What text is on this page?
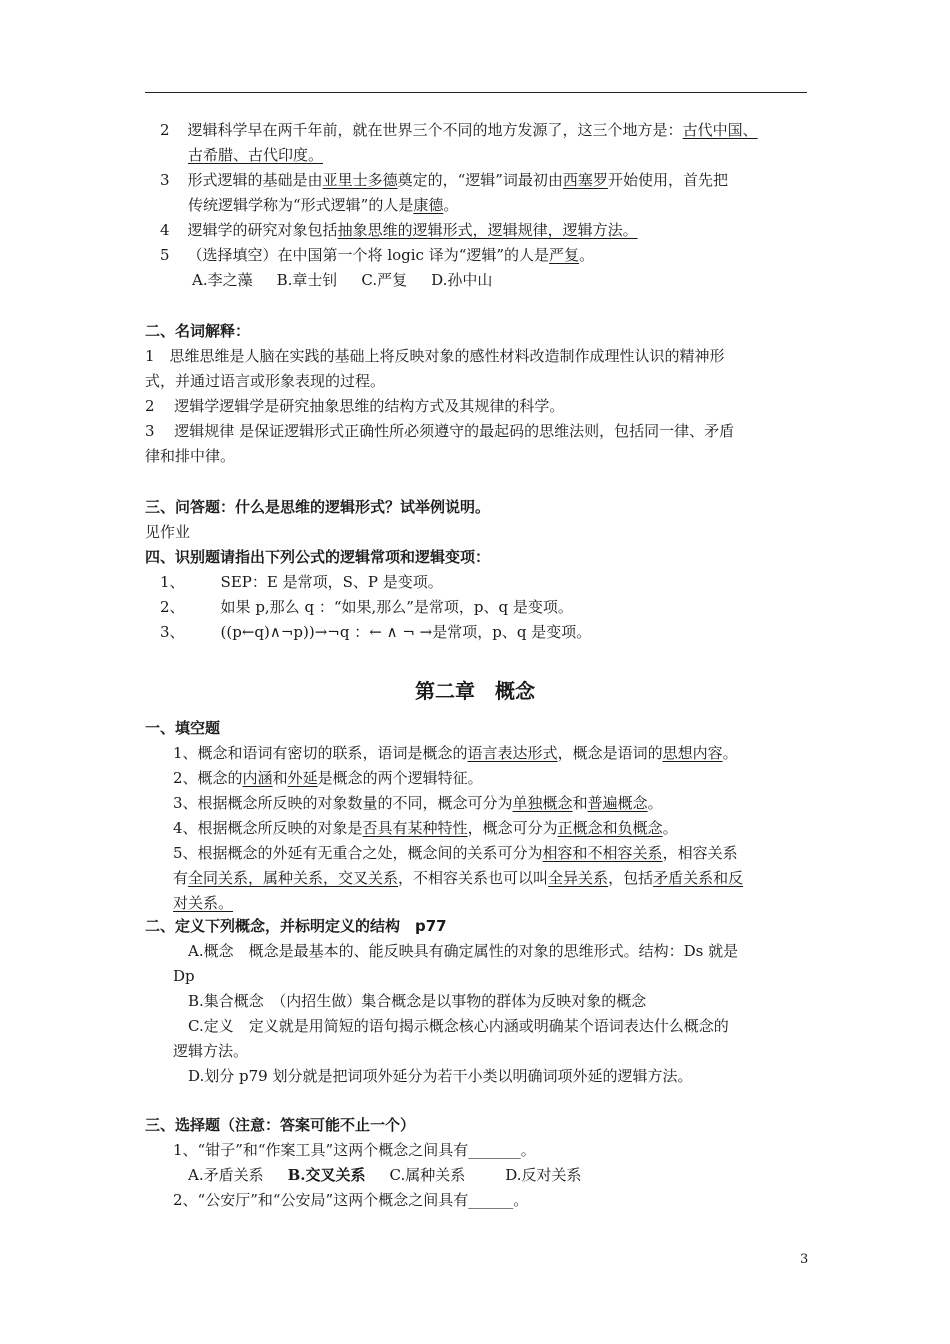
2 逻辑科学早在两千年前，就在世界三个不同的地方发源了，这三个地方是：古代中国、
古希腊、古代印度。
3 形式逻辑的基础是由亚里士多德奠定的，“逻辑”词最初由西塞罗开始使用，首先把
传统逻辑学称为“形式逻辑”的人是康德。
4 逻辑学的研究对象包括抽象思维的逻辑形式，逻辑规律，逻辑方法。
5 （选择填空）在中国第一个将 logic 译为“逻辑”的人是严复。
A.李之藻 B.章士钊 C.严复 D.孙中山
二、名词解释：
1　思维思维是人脑在实践的基础上将反映对象的感性材料改造制作成理性认识的精神形
式，并通过语言或形象表现的过程。
2　 逻辑学逻辑学是研究抽象思维的结构方式及其规律的科学。
3　 逻辑规律 是保证逻辑形式正确性所必须遵守的最起码的思维法则，包括同一律、矛盾
律和排中律。
三、问答题：什么是思维的逻辑形式？试举例说明。
见作业
四、识别题请指出下列公式的逻辑常项和逻辑变项：
1、 SEP：E 是常项，S、P 是变项。
2、 如果 p,那么 q ：“如果,那么”是常项，p、q 是变项。
3、 ((p←q)∧¬p))→¬q ：← ∧ ¬ →是常项，p、q 是变项。
第二章　概念
一、填空题
1、概念和语词有密切的联系，语词是概念的语言表达形式，概念是语词的思想内容。
2、概念的内涵和外延是概念的两个逻辑特征。
3、根据概念所反映的对象数量的不同，概念可分为单独概念和普遍概念。
4、根据概念所反映的对象是否具有某种特性，概念可分为正概念和负概念。
5、根据概念的外延有无重合之处，概念间的关系可分为相容和不相容关系，相容关系
有全同关系，属种关系，交叉关系，不相容关系也可以叫全异关系，包括矛盾关系和反
对关系。
二、定义下列概念，并标明定义的结构　p77
A.概念　概念是最基本的、能反映具有确定属性的对象的思维形式。结构：Ds 就是
Dp
B.集合概念　（内招生做）集合概念是以事物的群体为反映对象的概念
C.定义　定义就是用简短的语句揭示概念核心内涵或明确某个语词表达什么概念的
逻辑方法。
D.划分 p79 划分就是把词项外延分为若干小类以明确词项外延的逻辑方法。
三、选择题（注意：答案可能不止一个）
1、“钳子”和“作案工具”这两个概念之间具有_______。
A.矛盾关系 B.交叉关系 C.属种关系	D.反对关系
2、“公安厅”和“公安局”这两个概念之间具有______。
3
